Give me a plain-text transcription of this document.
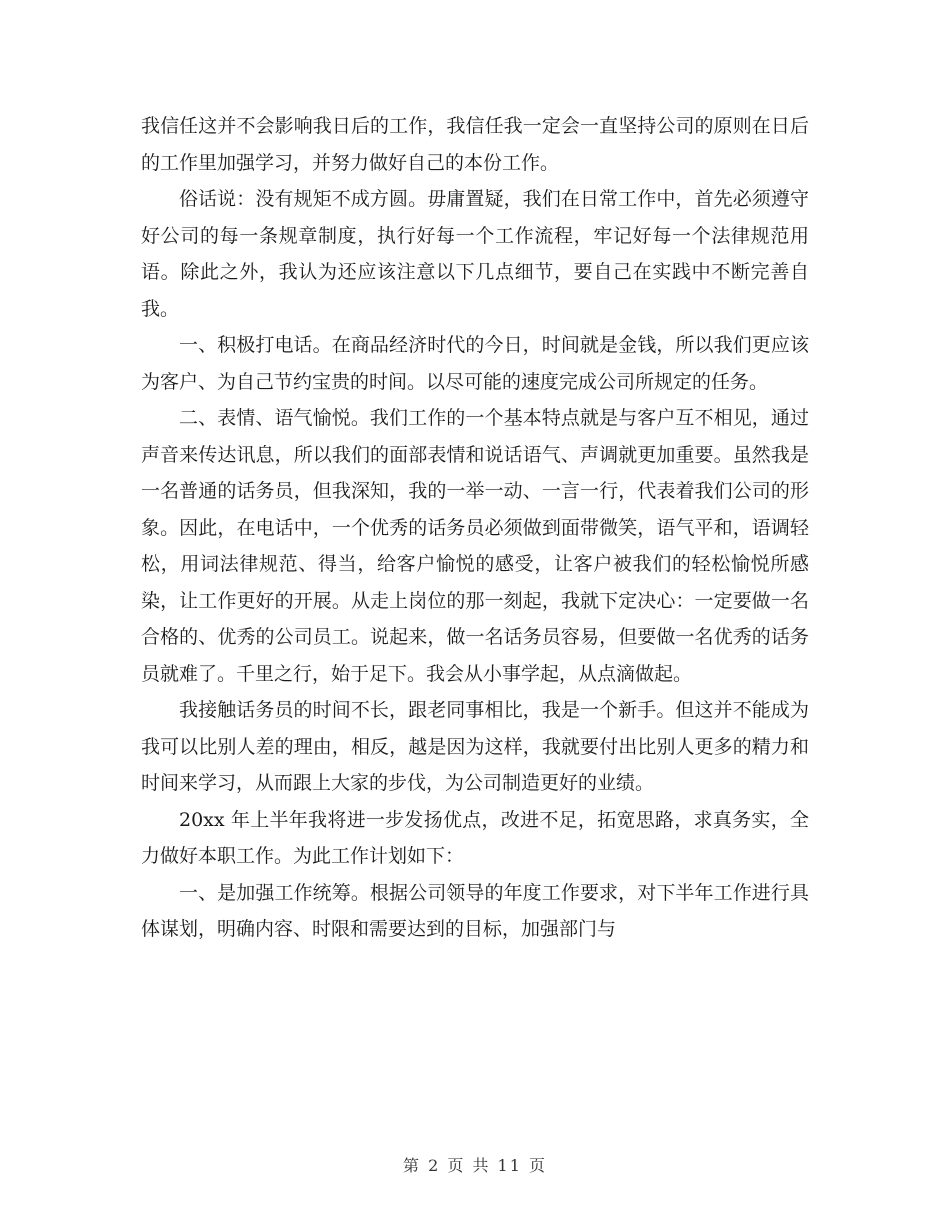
我信任这并不会影响我日后的工作，我信任我一定会一直坚持公司的原则在日后的工作里加强学习，并努力做好自己的本份工作。

俗话说：没有规矩不成方圆。毋庸置疑，我们在日常工作中，首先必须遵守好公司的每一条规章制度，执行好每一个工作流程，牢记好每一个法律规范用语。除此之外，我认为还应该注意以下几点细节，要自己在实践中不断完善自我。

一、积极打电话。在商品经济时代的今日，时间就是金钱，所以我们更应该为客户、为自己节约宝贵的时间。以尽可能的速度完成公司所规定的任务。

二、表情、语气愉悦。我们工作的一个基本特点就是与客户互不相见，通过声音来传达讯息，所以我们的面部表情和说话语气、声调就更加重要。虽然我是一名普通的话务员，但我深知，我的一举一动、一言一行，代表着我们公司的形象。因此，在电话中，一个优秀的话务员必须做到面带微笑，语气平和，语调轻松，用词法律规范、得当，给客户愉悦的感受，让客户被我们的轻松愉悦所感染，让工作更好的开展。从走上岗位的那一刻起，我就下定决心：一定要做一名合格的、优秀的公司员工。说起来，做一名话务员容易，但要做一名优秀的话务员就难了。千里之行，始于足下。我会从小事学起，从点滴做起。

我接触话务员的时间不长，跟老同事相比，我是一个新手。但这并不能成为我可以比别人差的理由，相反，越是因为这样，我就要付出比别人更多的精力和时间来学习，从而跟上大家的步伐，为公司制造更好的业绩。

20xx 年上半年我将进一步发扬优点，改进不足，拓宽思路，求真务实，全力做好本职工作。为此工作计划如下：

一、是加强工作统筹。根据公司领导的年度工作要求，对下半年工作进行具体谋划，明确内容、时限和需要达到的目标，加强部门与

第 2 页 共 11 页
